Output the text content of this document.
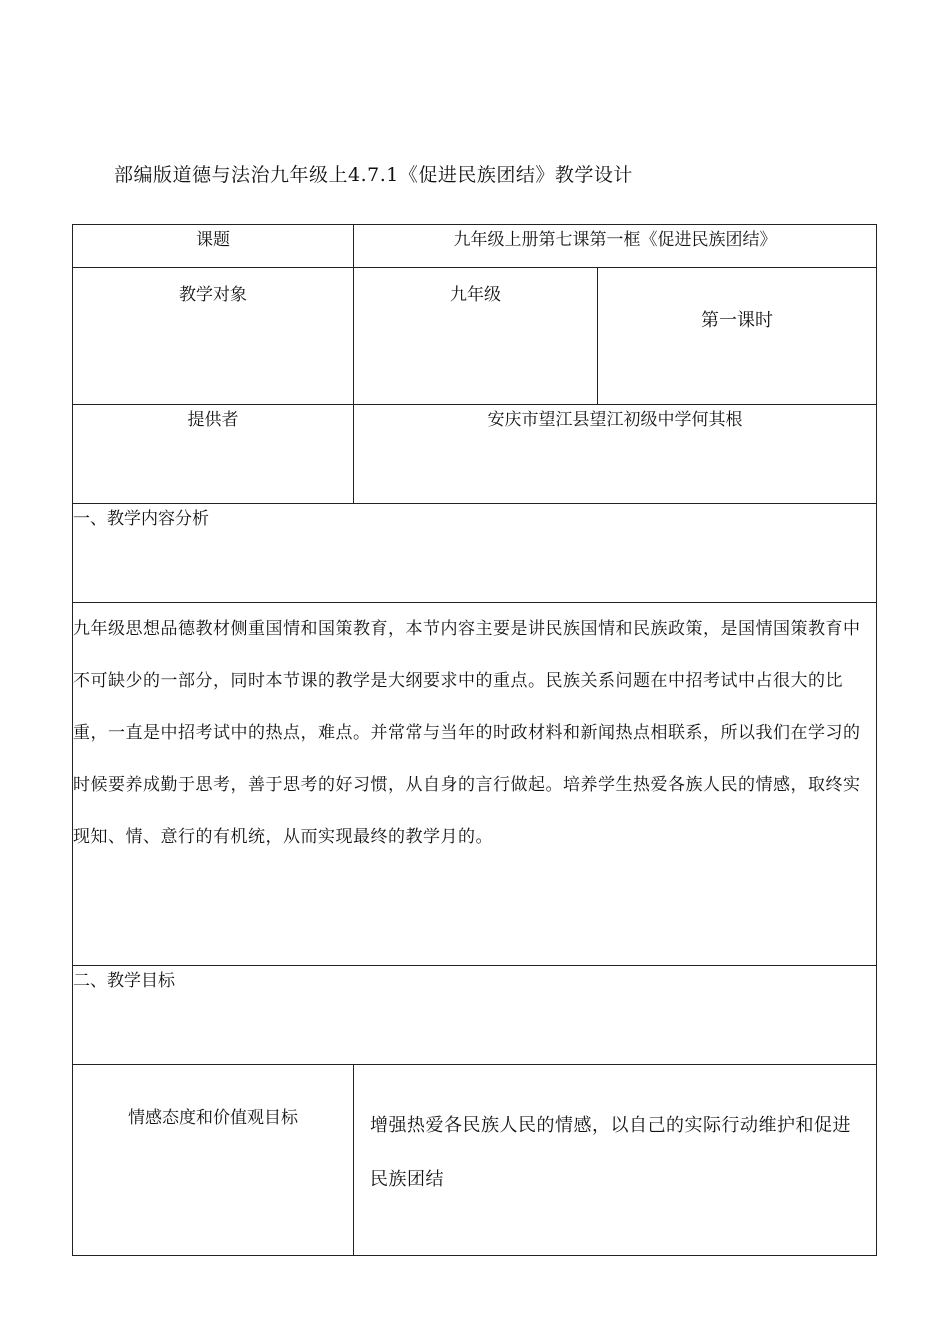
部编版道德与法治九年级上4.7.1《促进民族团结》教学设计
课题	九年级上册第七课第一框《促进民族团结》	
教学对象	九年级	第一课时
提供者	安庆市望江县望江初级中学何其根	
一、教学内容分析		
九年级思想品德教材侧重国情和国策教育，本节内容主要是讲民族国情和民族政策，是国情国策教育中不可缺少的一部分，同时本节课的教学是大纲要求中的重点。民族关系问题在中招考试中占很大的比重，一直是中招考试中的热点，难点。并常常与当年的时政材料和新闻热点相联系，所以我们在学习的时候要养成勤于思考，善于思考的好习惯，从自身的言行做起。培养学生热爱各族人民的情感，取终实现知、情、意行的有机统，从而实现最终的教学月的。		
二、教学目标		
情感态度和价值观目标	增强热爱各民族人民的情感，以自己的实际行动维护和促进民族团结	
